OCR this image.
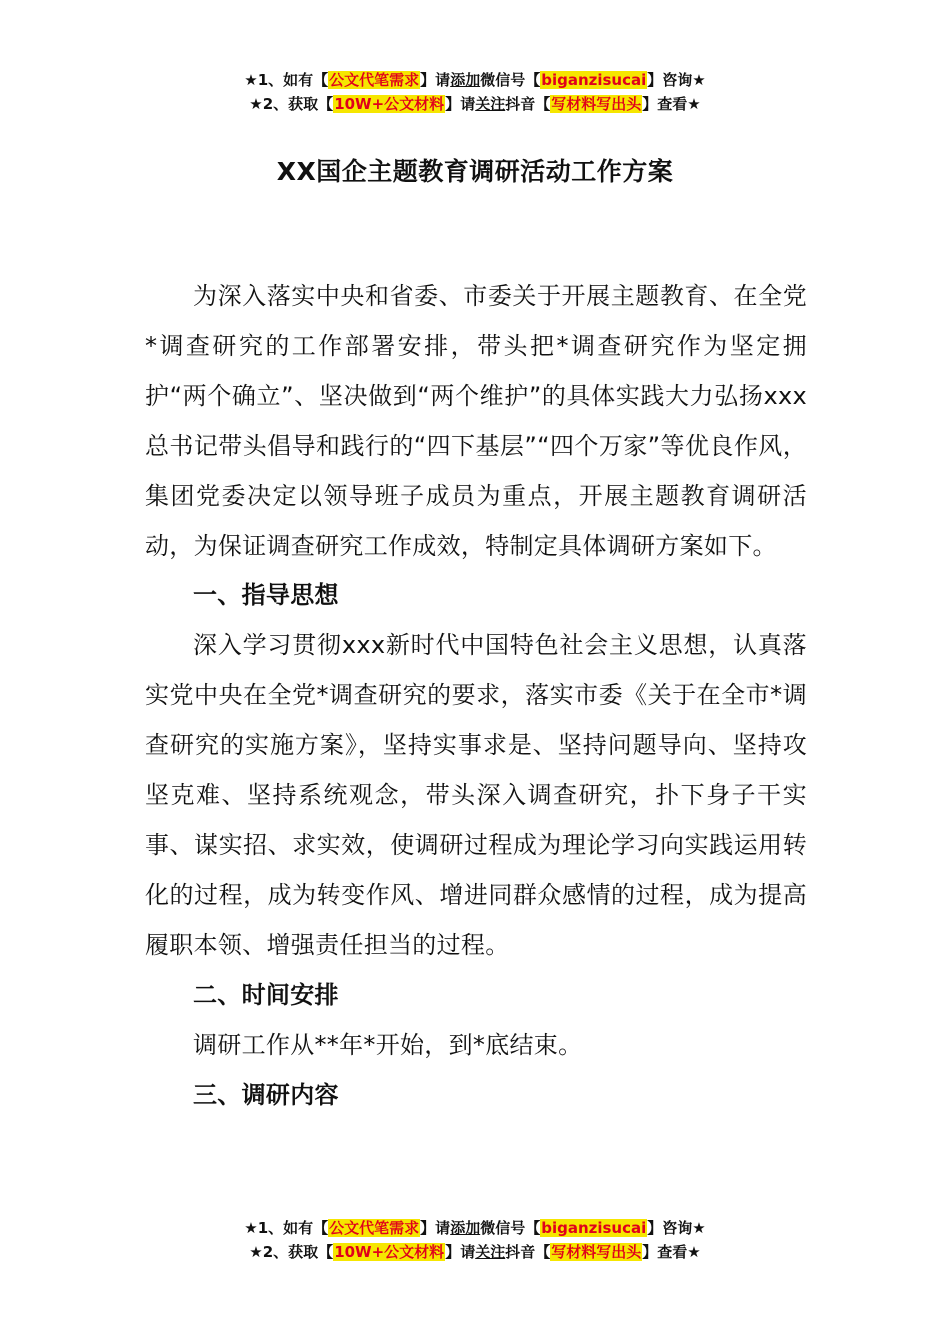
★1、如有【公文代笔需求】请添加微信号【biganzisucai】咨询★
★2、获取【10W+公文材料】请关注抖音【写材料写出头】查看★
XX国企主题教育调研活动工作方案

为深入落实中央和省委、市委关于开展主题教育、在全党*调查研究的工作部署安排，带头把*调查研究作为坚定拥护“两个确立”、坚决做到“两个维护”的具体实践大力弘扬xxx总书记带头倡导和践行的“四下基层”“四个万家”等优良作风，集团党委决定以领导班子成员为重点，开展主题教育调研活动，为保证调查研究工作成效，特制定具体调研方案如下。

一、指导思想

深入学习贯彻xxx新时代中国特色社会主义思想，认真落实党中央在全党*调查研究的要求，落实市委《关于在全市*调查研究的实施方案》，坚持实事求是、坚持问题导向、坚持攻坚克难、坚持系统观念，带头深入调查研究，扑下身子干实事、谋实招、求实效，使调研过程成为理论学习向实践运用转化的过程，成为转变作风、增进同群众感情的过程，成为提高履职本领、增强责任担当的过程。

二、时间安排

调研工作从**年*开始，到*底结束。

三、调研内容
★1、如有【公文代笔需求】请添加微信号【biganzisucai】咨询★
★2、获取【10W+公文材料】请关注抖音【写材料写出头】查看★
